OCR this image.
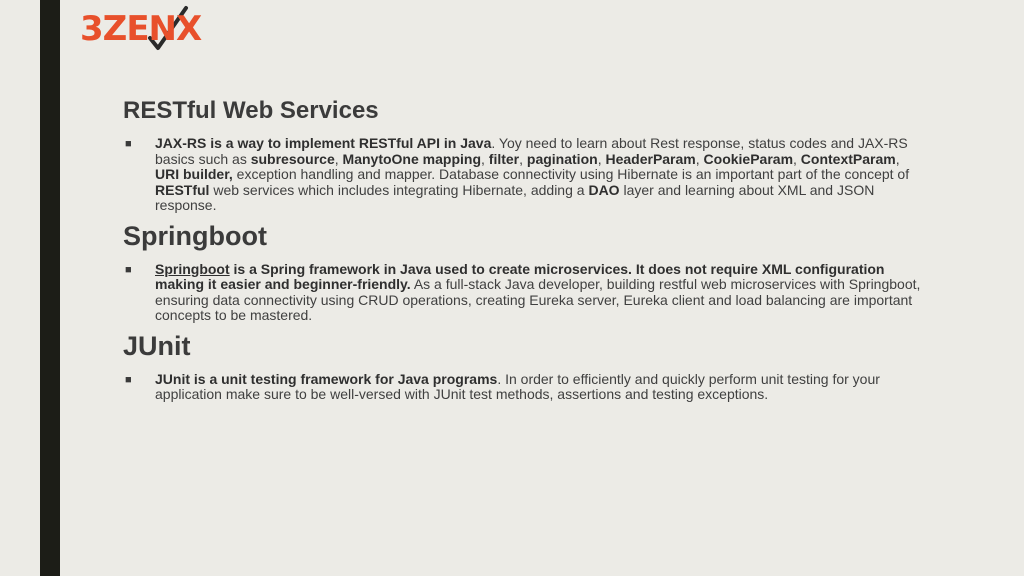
3ZENX
RESTful Web Services
■ JAX-RS is a way to implement RESTful API in Java. Yoy need to learn about Rest response, status codes and JAX-RS basics such as subresource, ManytoOne mapping, filter, pagination, HeaderParam, CookieParam, ContextParam, URI builder, exception handling and mapper. Database connectivity using Hibernate is an important part of the concept of RESTful web services which includes integrating Hibernate, adding a DAO layer and learning about XML and JSON response.
Springboot
■ Springboot is a Spring framework in Java used to create microservices. It does not require XML configuration making it easier and beginner-friendly. As a full-stack Java developer, building restful web microservices with Springboot, ensuring data connectivity using CRUD operations, creating Eureka server, Eureka client and load balancing are important concepts to be mastered.
JUnit
■ JUnit is a unit testing framework for Java programs. In order to efficiently and quickly perform unit testing for your application make sure to be well-versed with JUnit test methods, assertions and testing exceptions.
